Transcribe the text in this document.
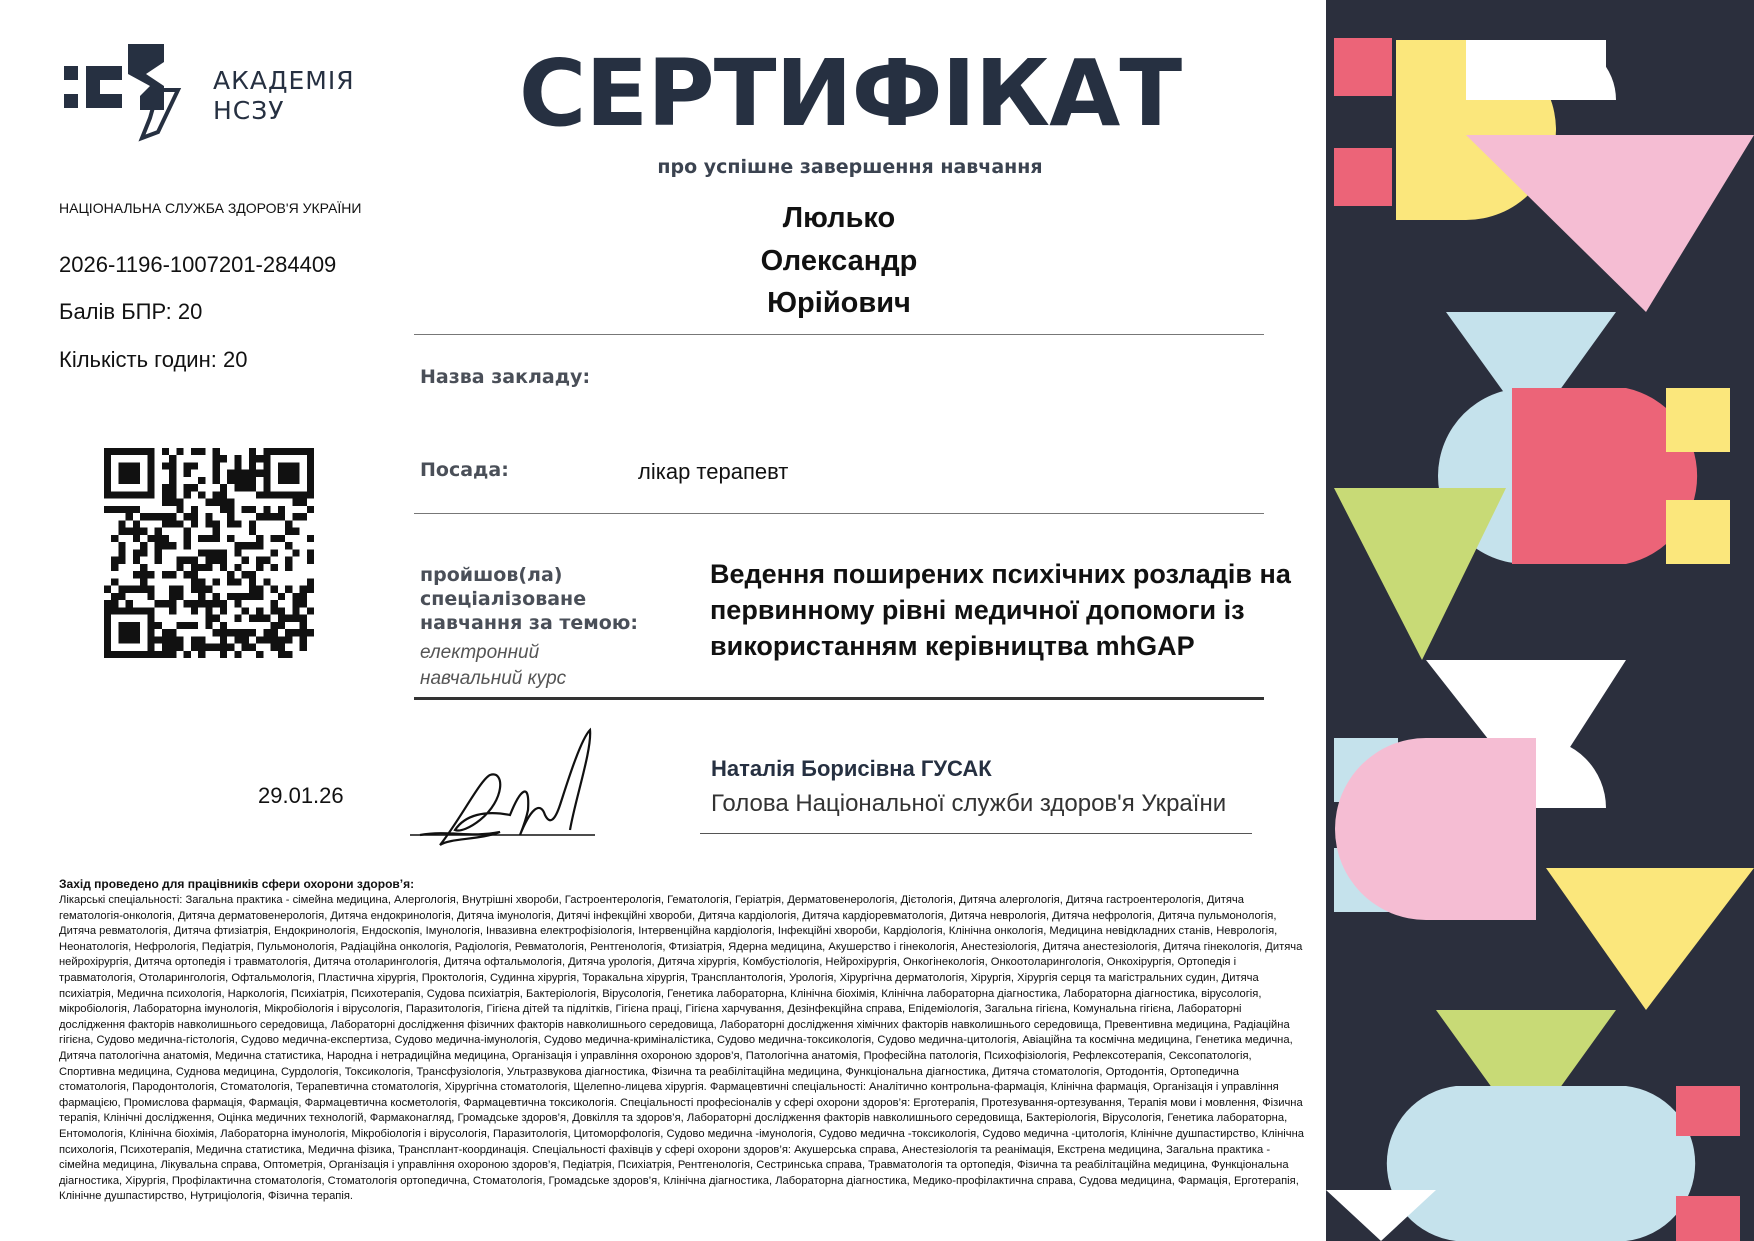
АКАДЕМІЯ
НСЗУ
НАЦІОНАЛЬНА СЛУЖБА ЗДОРОВ'Я УКРАЇНИ
2026-1196-1007201-284409
Балів БПР: 20
Кількість годин: 20
СЕРТИФІКАТ
про успішне завершення навчання
Люлько
Олександр
Юрійович
Назва закладу:
Посада:	лікар терапевт
пройшов(ла)
спеціалізоване
навчання за темою:
електронний
навчальний курс
Ведення поширених психічних розладів на первинному рівні медичної допомоги із використанням керівництва mhGAP
29.01.26
Наталія Борисівна ГУСАК
Голова Національної служби здоров'я України
Захід проведено для працівників сфери охорони здоров’я:
Лікарські спеціальності: Загальна практика - сімейна медицина, Алергологія, Внутрішні хвороби, Гастроентерологія, Гематологія, Геріатрія, Дерматовенерологія, Дієтологія, Дитяча алергологія, Дитяча гастроентерологія, Дитяча гематологія-онкологія, Дитяча дерматовенерологія, Дитяча ендокринологія, Дитяча імунологія, Дитячі інфекційні хвороби, Дитяча кардіологія, Дитяча кардіоревматологія, Дитяча неврологія, Дитяча нефрологія, Дитяча пульмонологія, Дитяча ревматологія, Дитяча фтизіатрія, Ендокринологія, Ендоскопія, Імунологія, Інвазивна електрофізіологія, Інтервенційна кардіологія, Інфекційні хвороби, Кардіологія, Клінічна онкологія, Медицина невідкладних станів, Неврологія, Неонатологія, Нефрологія, Педіатрія, Пульмонологія, Радіаційна онкологія, Радіологія, Ревматологія, Рентгенологія, Фтизіатрія, Ядерна медицина, Акушерство і гінекологія, Анестезіологія, Дитяча анестезіологія, Дитяча гінекологія, Дитяча нейрохірургія, Дитяча ортопедія і травматологія, Дитяча отоларингологія, Дитяча офтальмологія, Дитяча урологія, Дитяча хірургія, Комбустіологія, Нейрохірургія, Онкогінекологія, Онкоотоларингологія, Онкохірургія, Ортопедія і травматологія, Отоларингологія, Офтальмологія, Пластична хірургія, Проктологія, Судинна хірургія, Торакальна хірургія, Трансплантологія, Урологія, Хірургічна дерматологія, Хірургія, Хірургія серця та магістральних судин, Дитяча психіатрія, Медична психологія, Наркологія, Психіатрія, Психотерапія, Судова психіатрія, Бактеріологія, Вірусологія, Генетика лабораторна, Клінічна біохімія, Клінічна лабораторна діагностика, Лабораторна діагностика, вірусологія, мікробіологія, Лабораторна імунологія, Мікробіологія і вірусологія, Паразитологія, Гігієна дітей та підлітків, Гігієна праці, Гігієна харчування, Дезінфекційна справа, Епідеміологія, Загальна гігієна, Комунальна гігієна, Лабораторні дослідження факторів навколишнього середовища, Лабораторні дослідження фізичних факторів навколишнього середовища, Лабораторні дослідження хімічних факторів навколишнього середовища, Превентивна медицина, Радіаційна гігієна, Судово медична-гістологія, Судово медична-експертиза, Судово медична-імунологія, Судово медична-криміналістика, Судово медична-токсикологія, Судово медична-цитологія, Авіаційна та космічна медицина, Генетика медична, Дитяча патологічна анатомія, Медична статистика, Народна і нетрадиційна медицина, Організація і управління охороною здоров’я, Патологічна анатомія, Професійна патологія, Психофізіологія, Рефлексотерапія, Сексопатологія, Спортивна медицина, Суднова медицина, Сурдологія, Токсикологія, Трансфузіологія, Ультразвукова діагностика, Фізична та реабілітаційна медицина, Функціональна діагностика, Дитяча стоматологія, Ортодонтія, Ортопедична стоматологія, Пародонтологія, Стоматологія, Терапевтична стоматологія, Хірургічна стоматологія, Щелепно-лицева хірургія. Фармацевтичні спеціальності: Аналітично контрольна-фармація, Клінічна фармація, Організація і управління фармацією, Промислова фармація, Фармація, Фармацевтична косметологія, Фармацевтична токсикологія. Спеціальності професіоналів у сфері охорони здоров’я: Ерготерапія, Протезування-ортезування, Терапія мови і мовлення, Фізична терапія, Клінічні дослідження, Оцінка медичних технологій, Фармаконагляд, Громадське здоров’я, Довкілля та здоров’я, Лабораторні дослідження факторів навколишнього середовища, Бактеріологія, Вірусологія, Генетика лабораторна, Ентомологія, Клінічна біохімія, Лабораторна імунологія, Мікробіологія і вірусологія, Паразитологія, Цитоморфологія, Судово медична -імунологія, Судово медична -токсикологія, Судово медична -цитологія, Клінічне душпастирство, Клінічна психологія, Психотерапія, Медична статистика, Медична фізика, Трансплант-координація. Спеціальності фахівців у сфері охорони здоров’я: Акушерська справа, Анестезіологія та реанімація, Екстрена медицина, Загальна практика - сімейна медицина, Лікувальна справа, Оптометрія, Організація і управління охороною здоров’я, Педіатрія, Психіатрія, Рентгенологія, Сестринська справа, Травматологія та ортопедія, Фізична та реабілітаційна медицина, Функціональна діагностика, Хірургія, Профілактична стоматологія, Стоматологія ортопедична, Стоматологія, Громадське здоров’я, Клінічна діагностика, Лабораторна діагностика, Медико-профілактична справа, Судова медицина, Фармація, Ерготерапія, Клінічне душпастирство, Нутриціологія, Фізична терапія.
